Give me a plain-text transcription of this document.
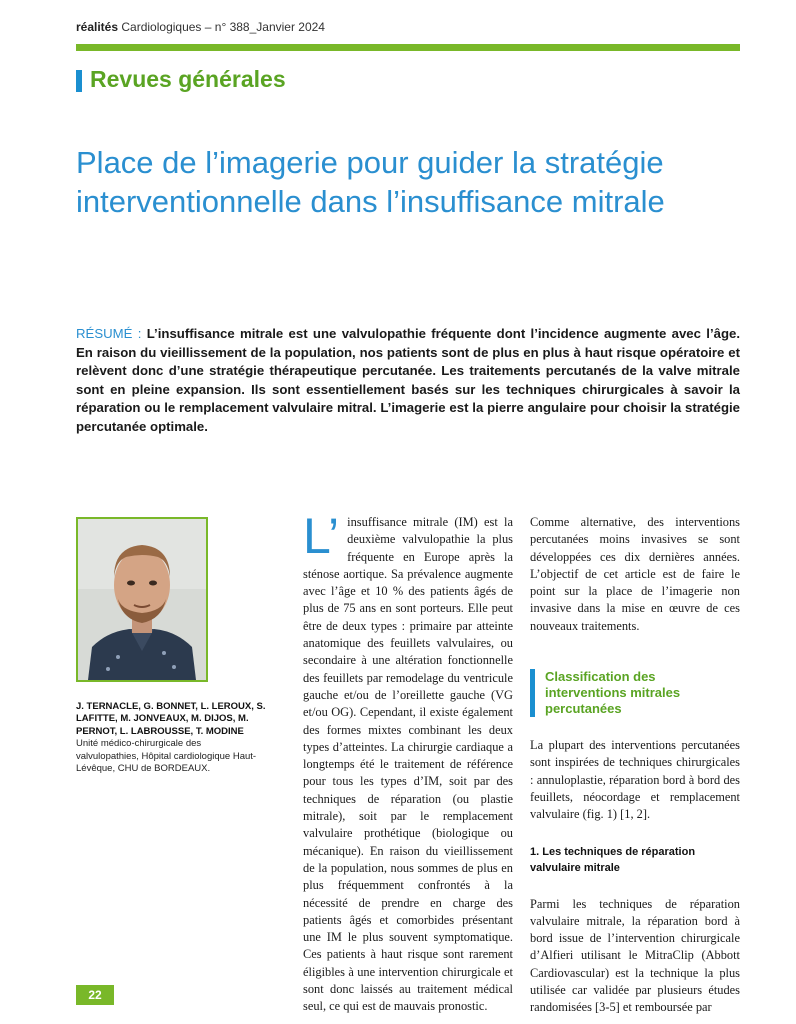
réalités Cardiologiques – n° 388_Janvier 2024
Revues générales
Place de l’imagerie pour guider la stratégie interventionnelle dans l’insuffisance mitrale
RÉSUMÉ : L’insuffisance mitrale est une valvulopathie fréquente dont l’incidence augmente avec l’âge. En raison du vieillissement de la population, nos patients sont de plus en plus à haut risque opératoire et relèvent donc d’une stratégie thérapeutique percutanée. Les traitements percutanés de la valve mitrale sont en pleine expansion. Ils sont essentiellement basés sur les techniques chirurgicales à savoir la réparation ou le remplacement valvulaire mitral. L’imagerie est la pierre angulaire pour choisir la stratégie percutanée optimale.
J. TERNACLE, G. BONNET, L. LEROUX, S. LAFITTE, M. JONVEAUX, M. DIJOS, M. PERNOT, L. LABROUSSE, T. MODINE
Unité médico-chirurgicale des valvulopathies, Hôpital cardiologique Haut-Lévêque, CHU de BORDEAUX.
L’ insuffisance mitrale (IM) est la deuxième valvulopathie la plus fréquente en Europe après la sténose aortique. Sa prévalence augmente avec l’âge et 10 % des patients âgés de plus de 75 ans en sont porteurs. Elle peut être de deux types : primaire par atteinte anatomique des feuillets valvulaires, ou secondaire à une altération fonctionnelle des feuillets par remodelage du ventricule gauche et/ou de l’oreillette gauche (VG et/ou OG). Cependant, il existe également des formes mixtes combinant les deux types d’atteintes. La chirurgie cardiaque a longtemps été le traitement de référence pour tous les types d’IM, soit par des techniques de réparation (ou plastie mitrale), soit par le remplacement valvulaire prothétique (biologique ou mécanique). En raison du vieillissement de la population, nous sommes de plus en plus fréquemment confrontés à la nécessité de prendre en charge des patients âgés et comorbides présentant une IM le plus souvent symptomatique. Ces patients à haut risque sont rarement éligibles à une intervention chirurgicale et sont donc laissés au traitement médical seul, ce qui est de mauvais pronostic.

Comme alternative, des interventions percutanées moins invasives se sont développées ces dix dernières années. L’objectif de cet article est de faire le point sur la place de l’imagerie non invasive dans la mise en œuvre de ces nouveaux traitements.

Classification des interventions mitrales percutanées

La plupart des interventions percutanées sont inspirées de techniques chirurgicales : annuloplastie, réparation bord à bord des feuillets, néocordage et remplacement valvulaire (fig. 1) [1, 2].

1. Les techniques de réparation valvulaire mitrale

Parmi les techniques de réparation valvulaire mitrale, la réparation bord à bord issue de l’intervention chirurgicale d’Alfieri utilisant le MitraClip (Abbott Cardiovascular) est la technique la plus utilisée car validée par plusieurs études randomisées [3-5] et remboursée par

22
